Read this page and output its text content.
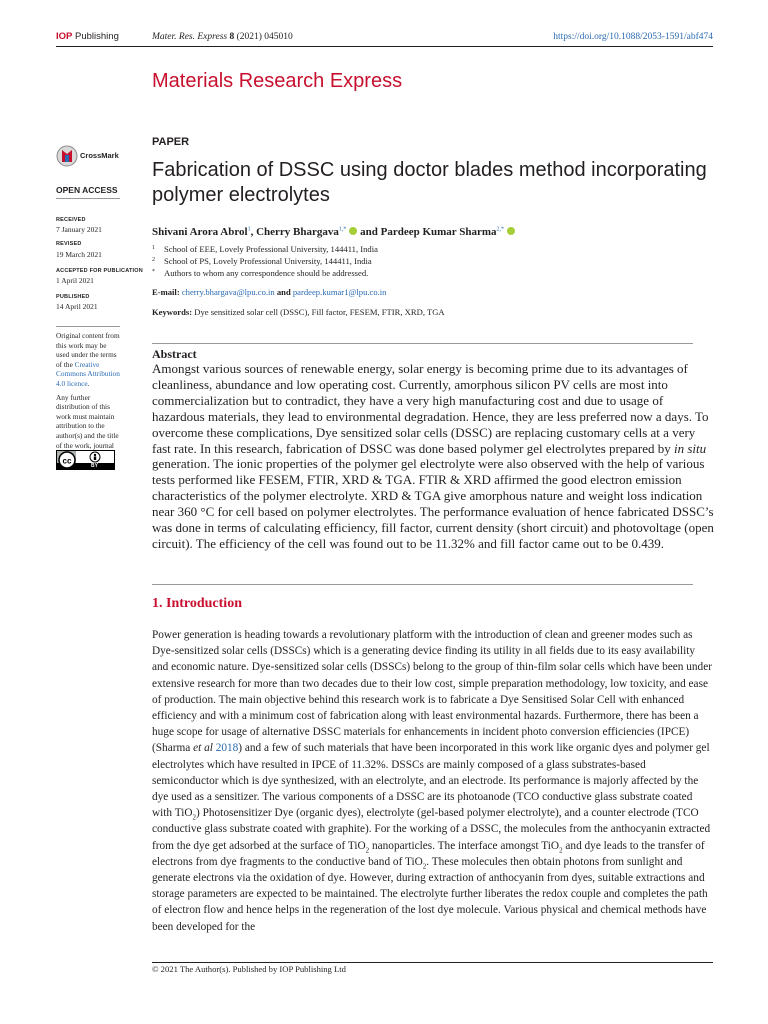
IOP Publishing	Mater. Res. Express 8 (2021) 045010	https://doi.org/10.1088/2053-1591/abf474
Materials Research Express
CrossMark
OPEN ACCESS
RECEIVED
7 January 2021
REVISED
19 March 2021
ACCEPTED FOR PUBLICATION
1 April 2021
PUBLISHED
14 April 2021

Original content from this work may be used under the terms of the Creative Commons Attribution 4.0 licence.

Any further distribution of this work must maintain attribution to the author(s) and the title of the work, journal

cc
BY
PAPER
Fabrication of DSSC using doctor blades method incorporating polymer electrolytes
Shivani Arora Abrol$^1$, Cherry Bhargava$^{1,*}$ and Pardeep Kumar Sharma$^{2,*}$
1 School of EEE, Lovely Professional University, 144411, India
2 School of PS, Lovely Professional University, 144411, India
* Authors to whom any correspondence should be addressed.
E-mail: cherry.bhargava@lpu.co.in and pardeep.kumar1@lpu.co.in
Keywords: Dye sensitized solar cell (DSSC), Fill factor, FESEM, FTIR, XRD, TGA
Abstract
Amongst various sources of renewable energy, solar energy is becoming prime due to its advantages of cleanliness, abundance and low operating cost. Currently, amorphous silicon PV cells are most into commercialization but to contradict, they have a very high manufacturing cost and due to usage of hazardous materials, they lead to environmental degradation. Hence, they are less preferred now a days. To overcome these complications, Dye sensitized solar cells (DSSC) are replacing customary cells at a very fast rate. In this research, fabrication of DSSC was done based polymer gel electrolytes prepared by in situ generation. The ionic properties of the polymer gel electrolyte were also observed with the help of various tests performed like FESEM, FTIR, XRD & TGA. FTIR & XRD affirmed the good electron emission characteristics of the polymer electrolyte. XRD & TGA give amorphous nature and weight loss indication near 360 °C for cell based on polymer electrolytes. The performance evaluation of hence fabricated DSSC’s was done in terms of calculating efficiency, fill factor, current density (short circuit) and photovoltage (open circuit). The efficiency of the cell was found out to be 11.32% and fill factor came out to be 0.439.
1. Introduction
Power generation is heading towards a revolutionary platform with the introduction of clean and greener modes such as Dye-sensitized solar cells (DSSCs) which is a generating device finding its utility in all fields due to its easy availability and economic nature. Dye-sensitized solar cells (DSSCs) belong to the group of thin-film solar cells which have been under extensive research for more than two decades due to their low cost, simple preparation methodology, low toxicity, and ease of production. The main objective behind this research work is to fabricate a Dye Sensitised Solar Cell with enhanced efficiency and with a minimum cost of fabrication along with least environmental hazards. Furthermore, there has been a huge scope for usage of alternative DSSC materials for enhancements in incident photo conversion efficiencies (IPCE) (Sharma et al 2018) and a few of such materials that have been incorporated in this work like organic dyes and polymer gel electrolytes which have resulted in IPCE of 11.32%. DSSCs are mainly composed of a glass substrates-based semiconductor which is dye synthesized, with an electrolyte, and an electrode. Its performance is majorly affected by the dye used as a sensitizer. The various components of a DSSC are its photoanode (TCO conductive glass substrate coated with TiO$_2$) Photosensitizer Dye (organic dyes), electrolyte (gel-based polymer electrolyte), and a counter electrode (TCO conductive glass substrate coated with graphite). For the working of a DSSC, the molecules from the anthocyanin extracted from the dye get adsorbed at the surface of TiO$_2$ nanoparticles. The interface amongst TiO$_2$ and dye leads to the transfer of electrons from dye fragments to the conductive band of TiO$_2$. These molecules then obtain photons from sunlight and generate electrons via the oxidation of dye. However, during extraction of anthocyanin from dyes, suitable extractions and storage parameters are expected to be maintained. The electrolyte further liberates the redox couple and completes the path of electron flow and hence helps in the regeneration of the lost dye molecule. Various physical and chemical methods have been developed for the
© 2021 The Author(s). Published by IOP Publishing Ltd
